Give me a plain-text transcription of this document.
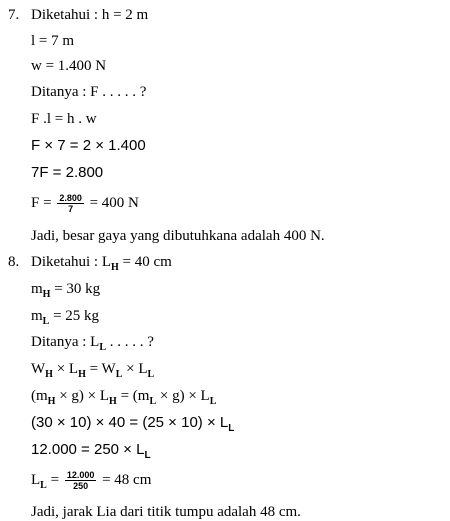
7. Diketahui : h = 2 m
l = 7 m
w = 1.400 N
Ditanya : F . . . . . ?
F .l = h . w
F × 7 = 2 × 1.400
7F = 2.800
$F = \frac{2.800}{7} = 400$ N
Jadi, besar gaya yang dibutuhkana adalah 400 N.
8. Diketahui : $L_H = 40$ cm
$m_H = 30$ kg
$m_L = 25$ kg
Ditanya : $L_L$ . . . . . ?
$W_H \times L_H = W_L \times L_L$
$(m_H \times g) \times L_H = (m_L \times g) \times L_L$
$(30 \times 10) \times 40 = (25 \times 10) \times L_L$
$12.000 = 250 \times L_L$
$L_L = \frac{12.000}{250} = 48$ cm
Jadi, jarak Lia dari titik tumpu adalah 48 cm.
